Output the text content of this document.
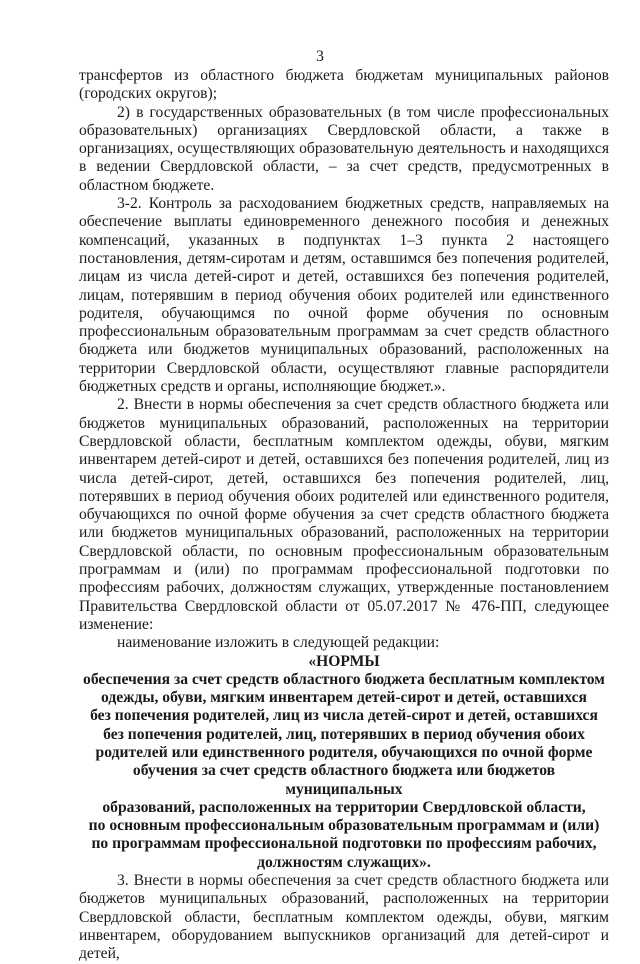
3

трансфертов из областного бюджета бюджетам муниципальных районов (городских округов);

2) в государственных образовательных (в том числе профессиональных образовательных) организациях Свердловской области, а также в организациях, осуществляющих образовательную деятельность и находящихся в ведении Свердловской области, – за счет средств, предусмотренных в областном бюджете.

3-2. Контроль за расходованием бюджетных средств, направляемых на обеспечение выплаты единовременного денежного пособия и денежных компенсаций, указанных в подпунктах 1–3 пункта 2 настоящего постановления, детям-сиротам и детям, оставшимся без попечения родителей, лицам из числа детей-сирот и детей, оставшихся без попечения родителей, лицам, потерявшим в период обучения обоих родителей или единственного родителя, обучающимся по очной форме обучения по основным профессиональным образовательным программам за счет средств областного бюджета или бюджетов муниципальных образований, расположенных на территории Свердловской области, осуществляют главные распорядители бюджетных средств и органы, исполняющие бюджет.».

2. Внести в нормы обеспечения за счет средств областного бюджета или бюджетов муниципальных образований, расположенных на территории Свердловской области, бесплатным комплектом одежды, обуви, мягким инвентарем детей-сирот и детей, оставшихся без попечения родителей, лиц из числа детей-сирот, детей, оставшихся без попечения родителей, лиц, потерявших в период обучения обоих родителей или единственного родителя, обучающихся по очной форме обучения за счет средств областного бюджета или бюджетов муниципальных образований, расположенных на территории Свердловской области, по основным профессиональным образовательным программам и (или) по программам профессиональной подготовки по профессиям рабочих, должностям служащих, утвержденные постановлением Правительства Свердловской области от 05.07.2017 № 476-ПП, следующее изменение:

наименование изложить в следующей редакции:

«НОРМЫ

обеспечения за счет средств областного бюджета бесплатным комплектом

одежды, обуви, мягким инвентарем детей-сирот и детей, оставшихся

без попечения родителей, лиц из числа детей-сирот и детей, оставшихся

без попечения родителей, лиц, потерявших в период обучения обоих

родителей или единственного родителя, обучающихся по очной форме

обучения за счет средств областного бюджета или бюджетов муниципальных

образований, расположенных на территории Свердловской области,

по основным профессиональным образовательным программам и (или)

по программам профессиональной подготовки по профессиям рабочих,

должностям служащих».

3. Внести в нормы обеспечения за счет средств областного бюджета или бюджетов муниципальных образований, расположенных на территории Свердловской области, бесплатным комплектом одежды, обуви, мягким инвентарем, оборудованием выпускников организаций для детей-сирот и детей,
